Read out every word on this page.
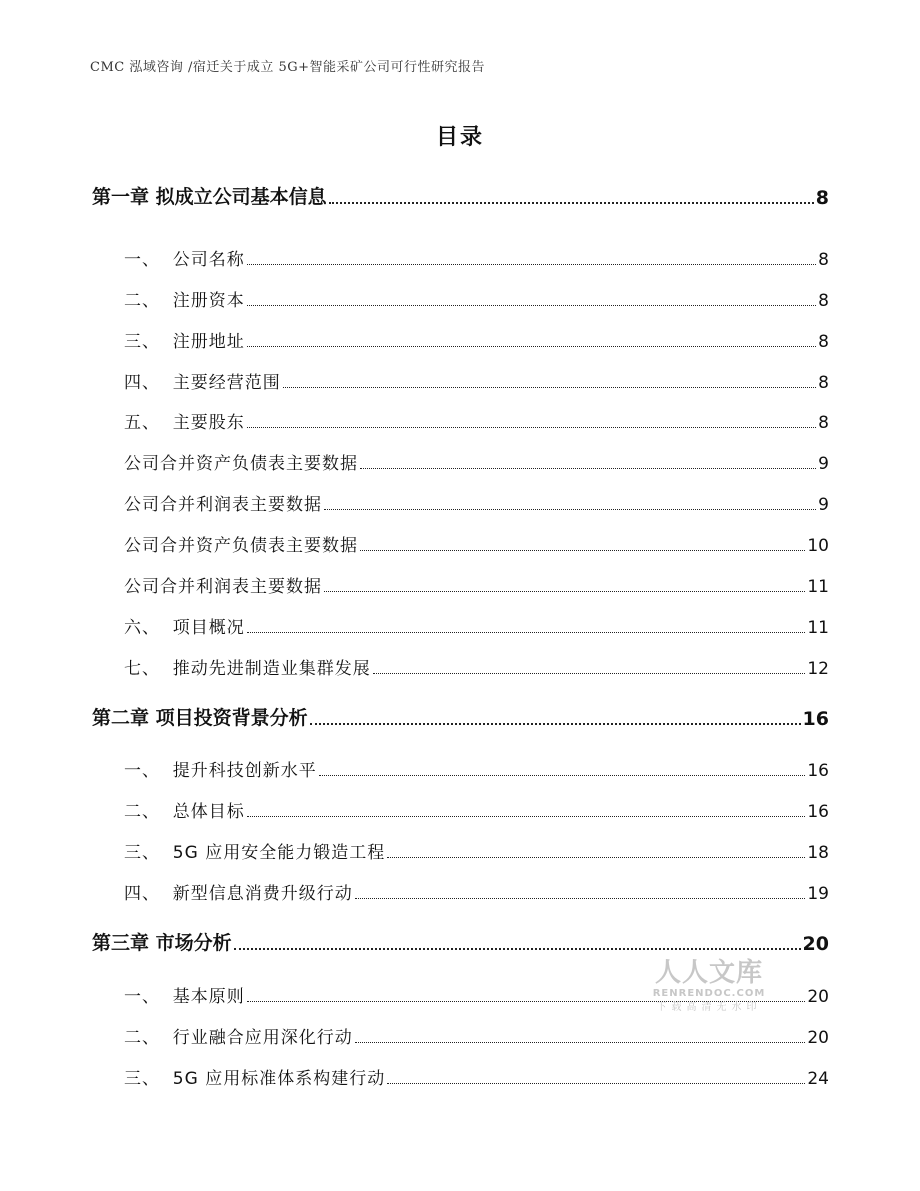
CMC 泓域咨询 /宿迁关于成立 5G+智能采矿公司可行性研究报告
目录
第一章 拟成立公司基本信息	8
一、  公司名称	8
二、  注册资本	8
三、  注册地址	8
四、  主要经营范围	8
五、  主要股东	8
公司合并资产负债表主要数据	9
公司合并利润表主要数据	9
公司合并资产负债表主要数据	10
公司合并利润表主要数据	11
六、  项目概况	11
七、  推动先进制造业集群发展	12
第二章 项目投资背景分析	16
一、  提升科技创新水平	16
二、  总体目标	16
三、  5G 应用安全能力锻造工程	18
四、  新型信息消费升级行动	19
第三章 市场分析	20
一、  基本原则	20
二、  行业融合应用深化行动	20
三、  5G 应用标准体系构建行动	24
人人文库
RENRENDOC.COM
下载高清无水印
